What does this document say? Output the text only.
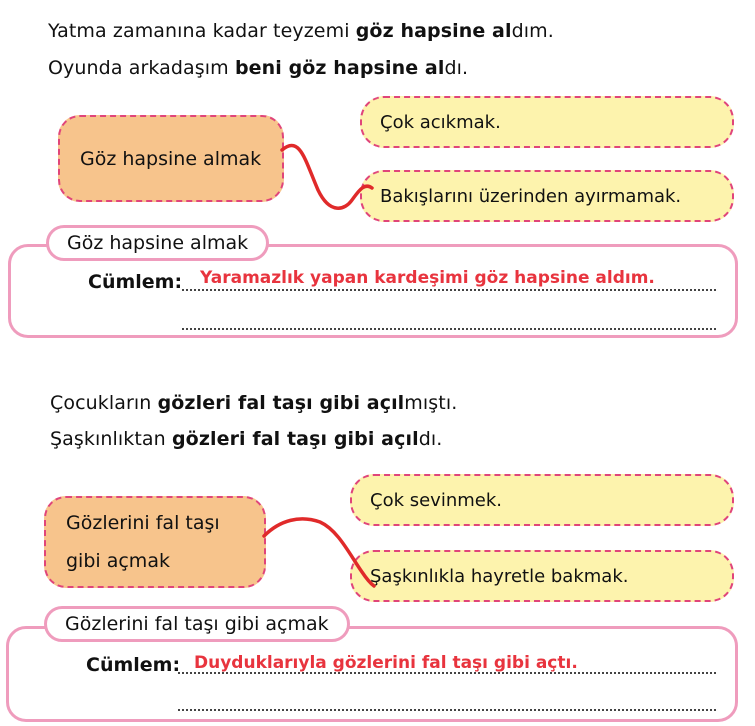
Yatma zamanına kadar teyzemi göz hapsine aldım.
Oyunda arkadaşım beni göz hapsine aldı.
Göz hapsine almak
Çok acıkmak.
Bakışlarını üzerinden ayırmamak.
Göz hapsine almak
Cümlem: Yaramazlık yapan kardeşimi göz hapsine aldım.
Çocukların gözleri fal taşı gibi açılmıştı.
Şaşkınlıktan gözleri fal taşı gibi açıldı.
Gözlerini fal taşı
gibi açmak
Çok sevinmek.
Şaşkınlıkla hayretle bakmak.
Gözlerini fal taşı gibi açmak
Cümlem: Duyduklarıyla gözlerini fal taşı gibi açtı.
